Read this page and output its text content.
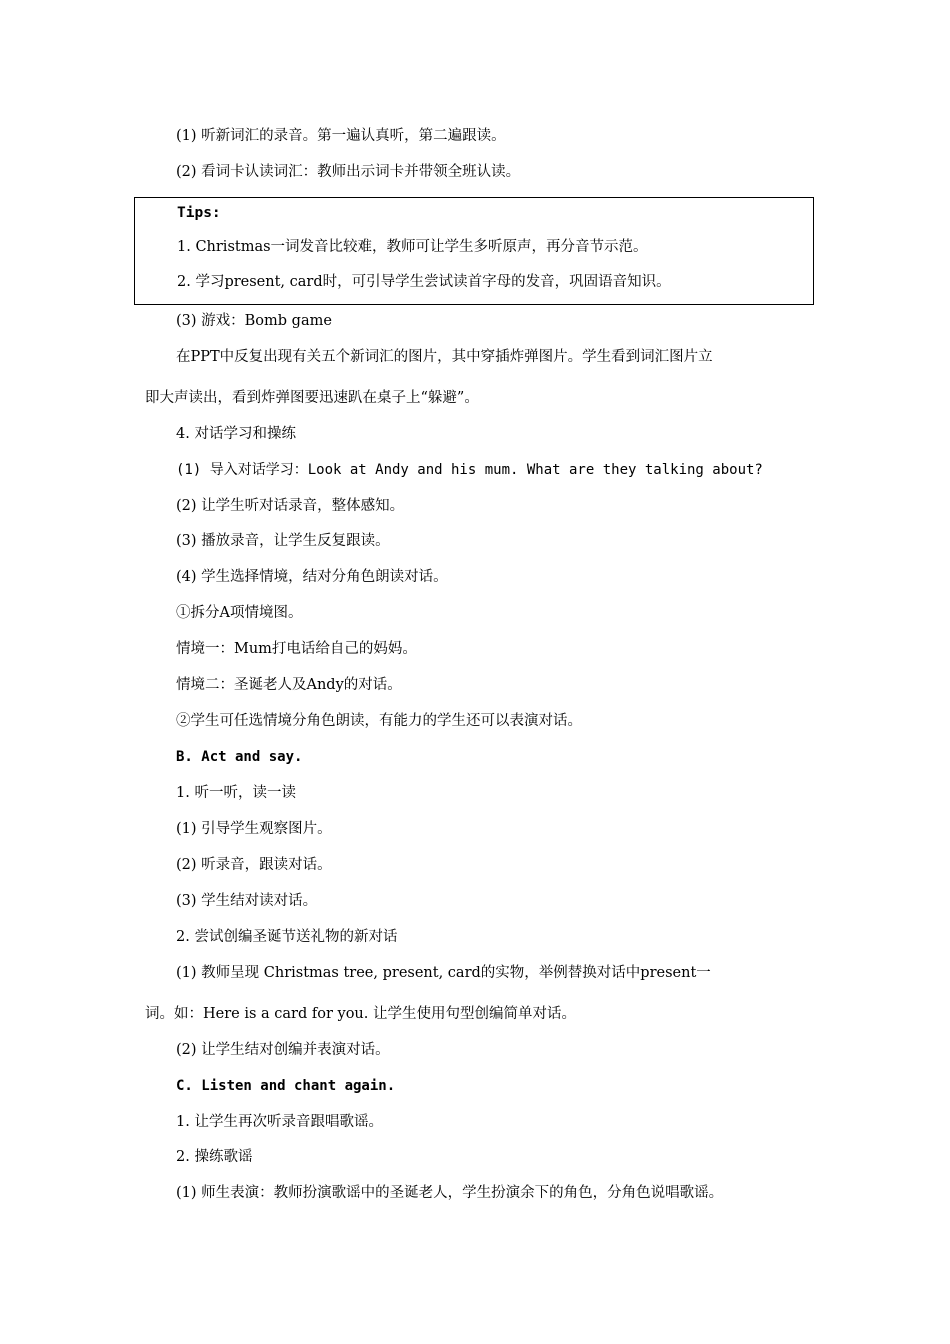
(1) 听新词汇的录音。第一遍认真听，第二遍跟读。
(2) 看词卡认读词汇：教师出示词卡并带领全班认读。
Tips:
1. Christmas一词发音比较难，教师可让学生多听原声，再分音节示范。
2. 学习present, card时，可引导学生尝试读首字母的发音，巩固语音知识。
(3) 游戏：Bomb game
在PPT中反复出现有关五个新词汇的图片，其中穿插炸弹图片。学生看到词汇图片立
即大声读出，看到炸弹图要迅速趴在桌子上“躲避”。
4. 对话学习和操练
(1) 导入对话学习：Look at Andy and his mum. What are they talking about?
(2) 让学生听对话录音，整体感知。
(3) 播放录音，让学生反复跟读。
(4) 学生选择情境，结对分角色朗读对话。
①拆分A项情境图。
情境一：Mum打电话给自己的妈妈。
情境二：圣诞老人及Andy的对话。
②学生可任选情境分角色朗读，有能力的学生还可以表演对话。
B. Act and say.
1. 听一听，读一读
(1) 引导学生观察图片。
(2) 听录音，跟读对话。
(3) 学生结对读对话。
2. 尝试创编圣诞节送礼物的新对话
(1) 教师呈现 Christmas tree, present, card的实物，举例替换对话中present一
词。如：Here is a card for you. 让学生使用句型创编简单对话。
(2) 让学生结对创编并表演对话。
C. Listen and chant again.
1. 让学生再次听录音跟唱歌谣。
2. 操练歌谣
(1) 师生表演：教师扮演歌谣中的圣诞老人，学生扮演余下的角色，分角色说唱歌谣。
